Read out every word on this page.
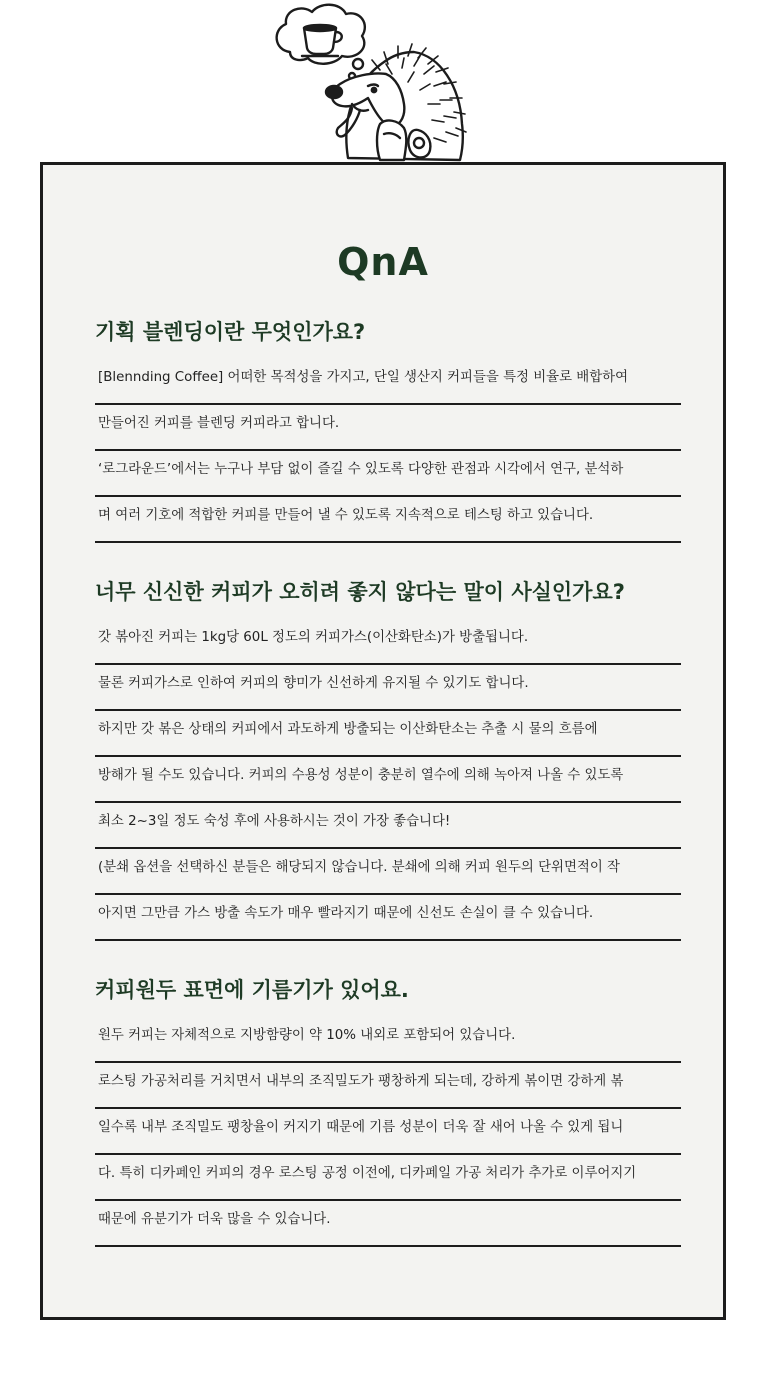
QnA
기획 블렌딩이란 무엇인가요?
[Blennding Coffee] 어떠한 목적성을 가지고, 단일 생산지 커피들을 특정 비율로 배합하여
만들어진 커피를 블렌딩 커피라고 합니다.
‘로그라운드’에서는 누구나 부담 없이 즐길 수 있도록 다양한 관점과 시각에서 연구, 분석하
며 여러 기호에 적합한 커피를 만들어 낼 수 있도록 지속적으로 테스팅 하고 있습니다.
너무 신신한 커피가 오히려 좋지 않다는 말이 사실인가요?
갓 볶아진 커피는 1kg당 60L 정도의 커피가스(이산화탄소)가 방출됩니다.
물론 커피가스로 인하여 커피의 향미가 신선하게 유지될 수 있기도 합니다.
하지만 갓 볶은 상태의 커피에서 과도하게 방출되는 이산화탄소는 추출 시 물의 흐름에
방해가 될 수도 있습니다. 커피의 수용성 성분이 충분히 열수에 의해 녹아져 나올 수 있도록
최소 2~3일 정도 숙성 후에 사용하시는 것이 가장 좋습니다!
(분쇄 옵션을 선택하신 분들은 해당되지 않습니다. 분쇄에 의해 커피 원두의 단위면적이 작
아지면 그만큼 가스 방출 속도가 매우 빨라지기 때문에 신선도 손실이 클 수 있습니다.
커피원두 표면에 기름기가 있어요.
원두 커피는 자체적으로 지방함량이 약 10% 내외로 포함되어 있습니다.
로스팅 가공처리를 거치면서 내부의 조직밀도가 팽창하게 되는데, 강하게 볶이면 강하게 볶
일수록 내부 조직밀도 팽창율이 커지기 때문에 기름 성분이 더욱 잘 새어 나올 수 있게 됩니
다. 특히 디카페인 커피의 경우 로스팅 공정 이전에, 디카페일 가공 처리가 추가로 이루어지기
때문에 유분기가 더욱 많을 수 있습니다.
